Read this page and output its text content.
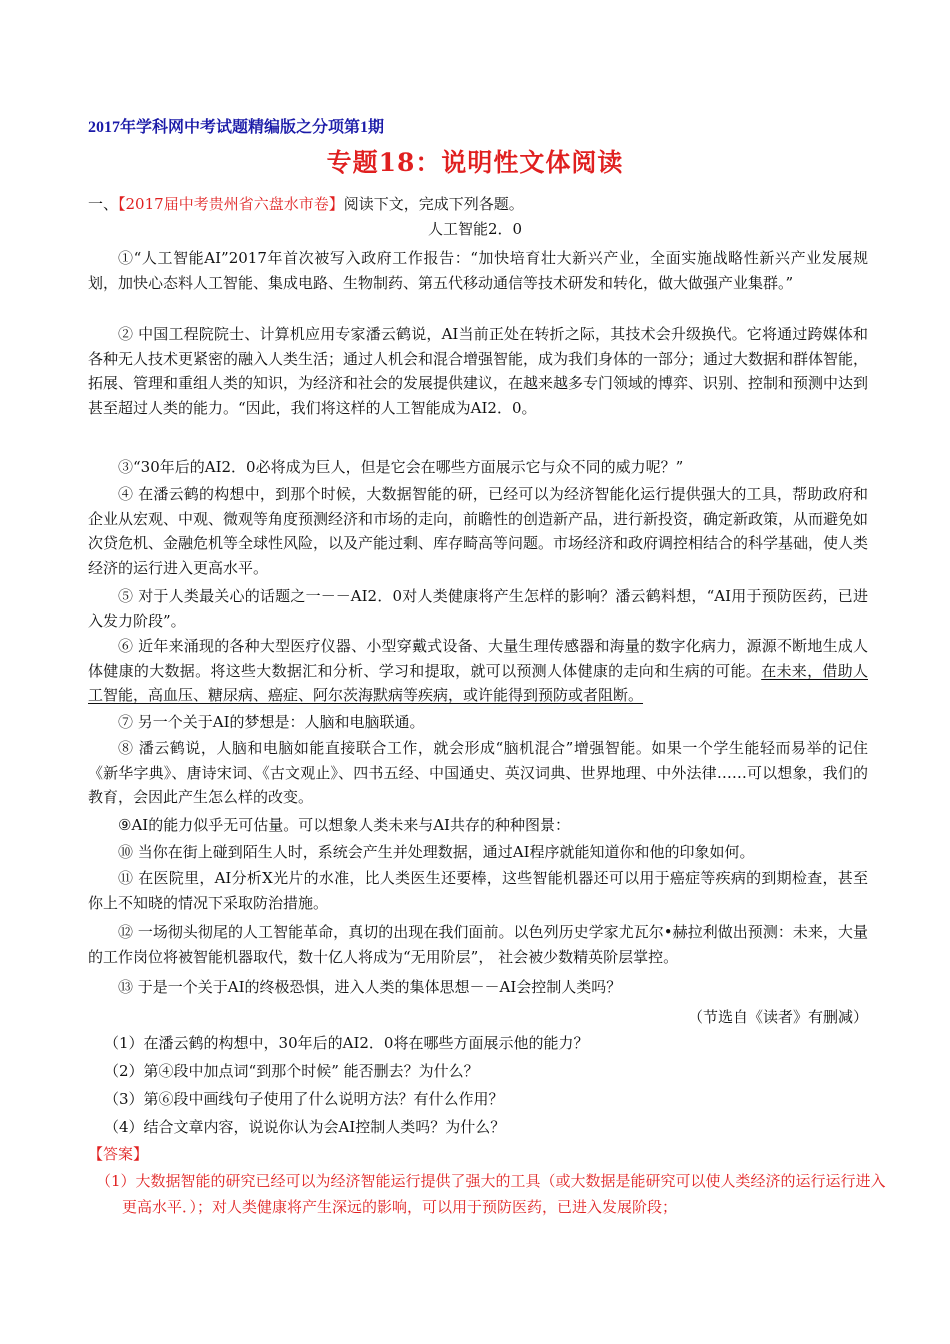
2017年学科网中考试题精编版之分项第1期
专题18：说明性文体阅读
一、【2017届中考贵州省六盘水市卷】阅读下文，完成下列各题。
人工智能2．0

①“人工智能AI”2017年首次被写入政府工作报告：“加快培育壮大新兴产业，全面实施战略性新兴产业发展规划，加快心态料人工智能、集成电路、生物制药、第五代移动通信等技术研发和转化，做大做强产业集群。”

② 中国工程院院士、计算机应用专家潘云鹤说，AI当前正处在转折之际，其技术会升级换代。它将通过跨媒体和各种无人技术更紧密的融入人类生活；通过人机会和混合增强智能，成为我们身体的一部分；通过大数据和群体智能，拓展、管理和重组人类的知识，为经济和社会的发展提供建议，在越来越多专门领域的博弈、识别、控制和预测中达到甚至超过人类的能力。“因此，我们将这样的人工智能成为AI2．0。

③“30年后的AI2．0必将成为巨人，但是它会在哪些方面展示它与众不同的威力呢？”

④ 在潘云鹤的构想中，到那个时候，大数据智能的研，已经可以为经济智能化运行提供强大的工具，帮助政府和企业从宏观、中观、微观等角度预测经济和市场的走向，前瞻性的创造新产品，进行新投资，确定新政策，从而避免如次贷危机、金融危机等全球性风险，以及产能过剩、库存畸高等问题。市场经济和政府调控相结合的科学基础，使人类经济的运行进入更高水平。

⑤ 对于人类最关心的话题之一－－AI2．0对人类健康将产生怎样的影响？潘云鹤料想，“AI用于预防医药，已进入发力阶段”。

⑥ 近年来涌现的各种大型医疗仪器、小型穿戴式设备、大量生理传感器和海量的数字化病力，源源不断地生成人体健康的大数据。将这些大数据汇和分析、学习和提取，就可以预测人体健康的走向和生病的可能。在未来，借助人工智能，高血压、糖尿病、癌症、阿尔茨海默病等疾病，或许能得到预防或者阻断。

⑦ 另一个关于AI的梦想是：人脑和电脑联通。

⑧ 潘云鹤说，人脑和电脑如能直接联合工作，就会形成“脑机混合”增强智能。如果一个学生能轻而易举的记住《新华字典》、唐诗宋词、《古文观止》、四书五经、中国通史、英汉词典、世界地理、中外法律……可以想象，我们的教育，会因此产生怎么样的改变。

⑨AI的能力似乎无可估量。可以想象人类未来与AI共存的种种图景：

⑩ 当你在街上碰到陌生人时，系统会产生并处理数据，通过AI程序就能知道你和他的印象如何。

⑪ 在医院里，AI分析X光片的水准，比人类医生还要棒，这些智能机器还可以用于癌症等疾病的到期检查，甚至你上不知晓的情况下采取防治措施。

⑫ 一场彻头彻尾的人工智能革命，真切的出现在我们面前。以色列历史学家尤瓦尔•赫拉利做出预测：未来，大量的工作岗位将被智能机器取代，数十亿人将成为“无用阶层”， 社会被少数精英阶层掌控。

⑬ 于是一个关于AI的终极恐惧，进入人类的集体思想－－AI会控制人类吗？

（节选自《读者》有删减）
（1）在潘云鹤的构想中，30年后的AI2．0将在哪些方面展示他的能力？
（2）第④段中加点词“到那个时候” 能否删去？为什么？
（3）第⑥段中画线句子使用了什么说明方法？有什么作用？
（4）结合文章内容，说说你认为会AI控制人类吗？为什么？
【答案】

（1）大数据智能的研究已经可以为经济智能运行提供了强大的工具（或大数据是能研究可以使人类经济的运行运行进入更高水平．）；对人类健康将产生深远的影响，可以用于预防医药，已进入发展阶段；
